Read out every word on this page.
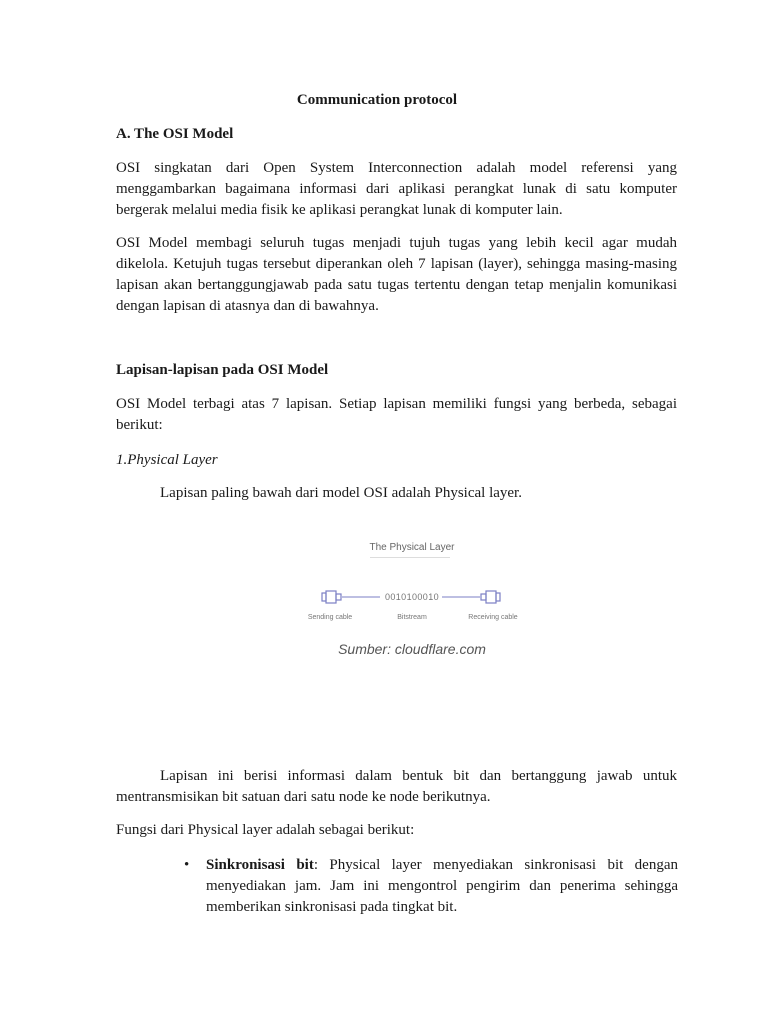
Communication protocol
A. The OSI Model

OSI singkatan dari Open System Interconnection adalah model referensi yang menggambarkan bagaimana informasi dari aplikasi perangkat lunak di satu komputer bergerak melalui media fisik ke aplikasi perangkat lunak di komputer lain.

OSI Model membagi seluruh tugas menjadi tujuh tugas yang lebih kecil agar mudah dikelola. Ketujuh tugas tersebut diperankan oleh 7 lapisan (layer), sehingga masing-masing lapisan akan bertanggungjawab pada satu tugas tertentu dengan tetap menjalin komunikasi dengan lapisan di atasnya dan di bawahnya.

Lapisan-lapisan pada OSI Model

OSI Model terbagi atas 7 lapisan. Setiap lapisan memiliki fungsi yang berbeda, sebagai berikut:

1.Physical Layer

Lapisan paling bawah dari model OSI adalah Physical layer.

The Physical Layer
0010100010
Sending cable	Bitstream	Receiving cable
Sumber: cloudflare.com

Lapisan ini berisi informasi dalam bentuk bit dan bertanggung jawab untuk mentransmisikan bit satuan dari satu node ke node berikutnya.

Fungsi dari Physical layer adalah sebagai berikut:

• Sinkronisasi bit: Physical layer menyediakan sinkronisasi bit dengan menyediakan jam. Jam ini mengontrol pengirim dan penerima sehingga memberikan sinkronisasi pada tingkat bit.
